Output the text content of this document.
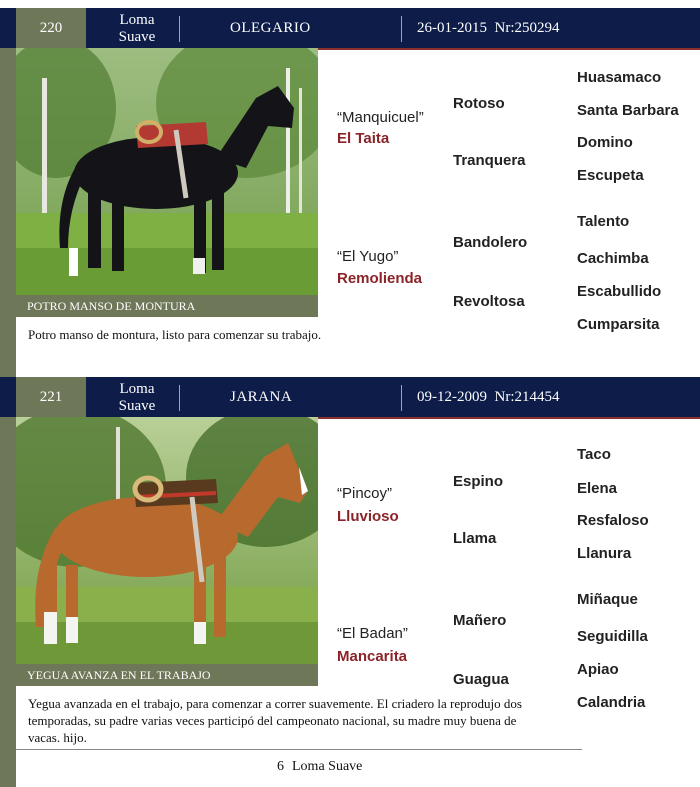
220	Loma
Suave
OLEGARIO	26-01-2015 Nr:250294
POTRO MANSO DE MONTURA
Potro manso de montura, listo para comenzar su trabajo.
“Manquicuel”
El Taita
“El Yugo”
Remolienda
Rotoso
Tranquera
Bandolero
Revoltosa
Huasamaco
Santa Barbara
Domino
Escupeta
Talento
Cachimba
Escabullido
Cumparsita
221	Loma
Suave
JARANA	09-12-2009 Nr:214454
YEGUA AVANZA EN EL TRABAJO
Yegua avanzada en el trabajo, para comenzar a correr suavemente. El criadero la reprodujo dos temporadas, su padre varias veces participó del campeonato nacional, su madre muy buena de vacas. hijo.
“Pincoy”
Lluvioso
“El Badan”
Mancarita
Espino
Llama
Mañero
Guagua
Taco
Elena
Resfaloso
Llanura
Miñaque
Seguidilla
Apiao
Calandria
6 Loma Suave
